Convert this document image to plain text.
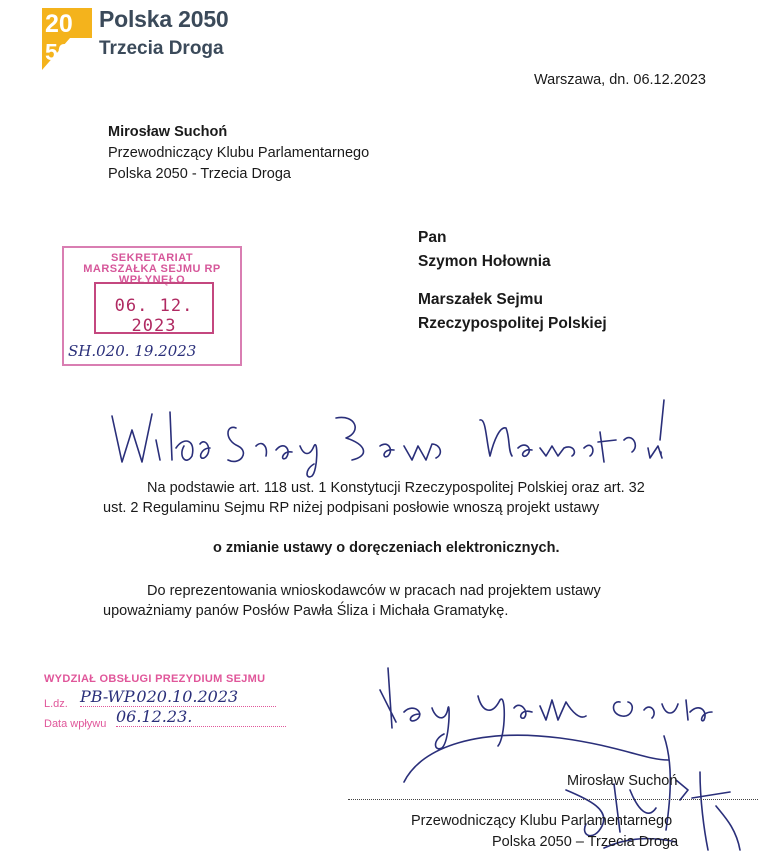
20
50
Polska 2050
Trzecia Droga
Warszawa, dn. 06.12.2023
Mirosław Suchoń
Przewodniczący Klubu Parlamentarnego
Polska 2050 - Trzecia Droga
Pan
Szymon Hołownia
Marszałek Sejmu
Rzeczypospolitej Polskiej
SEKRETARIAT
MARSZAŁKA SEJMU RP
WPŁYNĘŁO
06. 12. 2023
SH.020. 19.2023
Na podstawie art. 118 ust. 1 Konstytucji Rzeczypospolitej Polskiej oraz art. 32
ust. 2 Regulaminu Sejmu RP niżej podpisani posłowie wnoszą projekt ustawy
o zmianie ustawy o doręczeniach elektronicznych.
Do reprezentowania wnioskodawców w pracach nad projektem ustawy
upoważniamy panów Posłów Pawła Śliza i Michała Gramatykę.
WYDZIAŁ OBSŁUGI PREZYDIUM SEJMU
L.dz. PB-WP.020.10.2023
Data wpływu 06.12.23.
Mirosław Suchoń
Przewodniczący Klubu Parlamentarnego
Polska 2050 – Trzecia Droga
